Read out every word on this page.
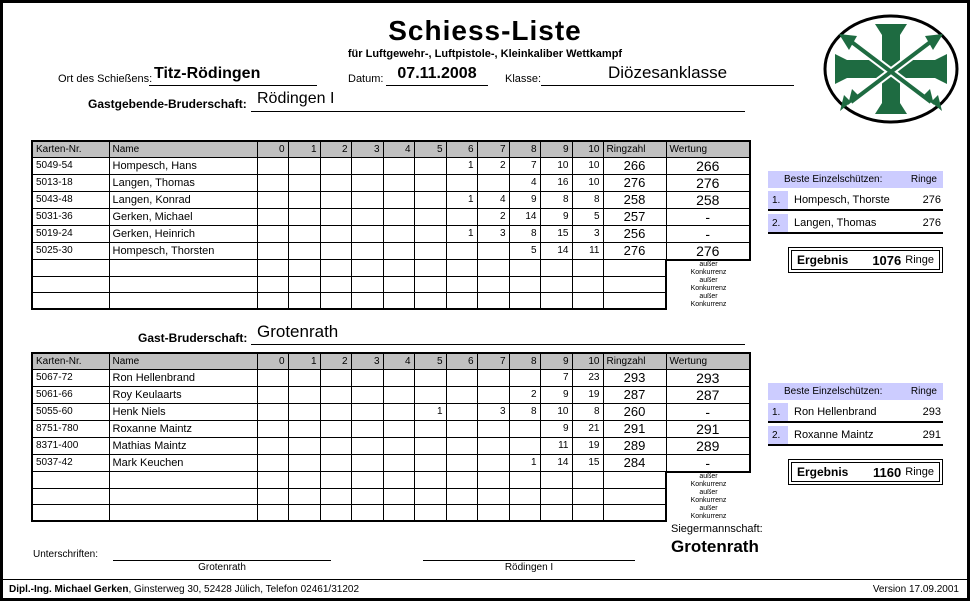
Schiess-Liste
für Luftgewehr-, Luftpistole-, Kleinkaliber Wettkampf
Ort des Schießens: Titz-Rödingen	Datum: 07.11.2008	Klasse:	Diözesanklasse
Gastgebende-Bruderschaft: Rödingen I
Karten-Nr.	Name	0	1	2	3	4	5	6	7	8	9	10	Ringzahl	Wertung
5049-54	Hompesch, Hans							1	2	7	10	10	266	266
5013-18	Langen, Thomas									4	16	10	276	276
5043-48	Langen, Konrad							1	4	9	8	8	258	258
5031-36	Gerken, Michael								2	14	9	5	257	-
5019-24	Gerken, Heinrich							1	3	8	15	3	256	-
5025-30	Hompesch, Thorsten									5	14	11	276	276

														außer
Konkurrenz

														außer
Konkurrenz

														außer
Konkurrenz
Beste Einzelschützen:	Ringe
1.	Hompesch, Thorste	276
2.	Langen, Thomas	276
Ergebnis	1076 Ringe
Gast-Bruderschaft: Grotenrath
Karten-Nr.	Name	0	1	2	3	4	5	6	7	8	9	10	Ringzahl	Wertung
5067-72	Ron Hellenbrand										7	23	293	293
5061-66	Roy Keulaarts									2	9	19	287	287
5055-60	Henk Niels						1		3	8	10	8	260	-
8751-780	Roxanne Maintz										9	21	291	291
8371-400	Mathias Maintz										11	19	289	289
5037-42	Mark Keuchen									1	14	15	284	-

														außer
Konkurrenz

														außer
Konkurrenz

														außer
Konkurrenz
Beste Einzelschützen:	Ringe
1.	Ron Hellenbrand	293
2.	Roxanne Maintz	291
Ergebnis	1160 Ringe
Siegermannschaft:
Grotenrath
Unterschriften:
Grotenrath	Rödingen I
Dipl.-Ing. Michael Gerken, Ginsterweg 30, 52428 Jülich, Telefon 02461/31202	Version 17.09.2001
